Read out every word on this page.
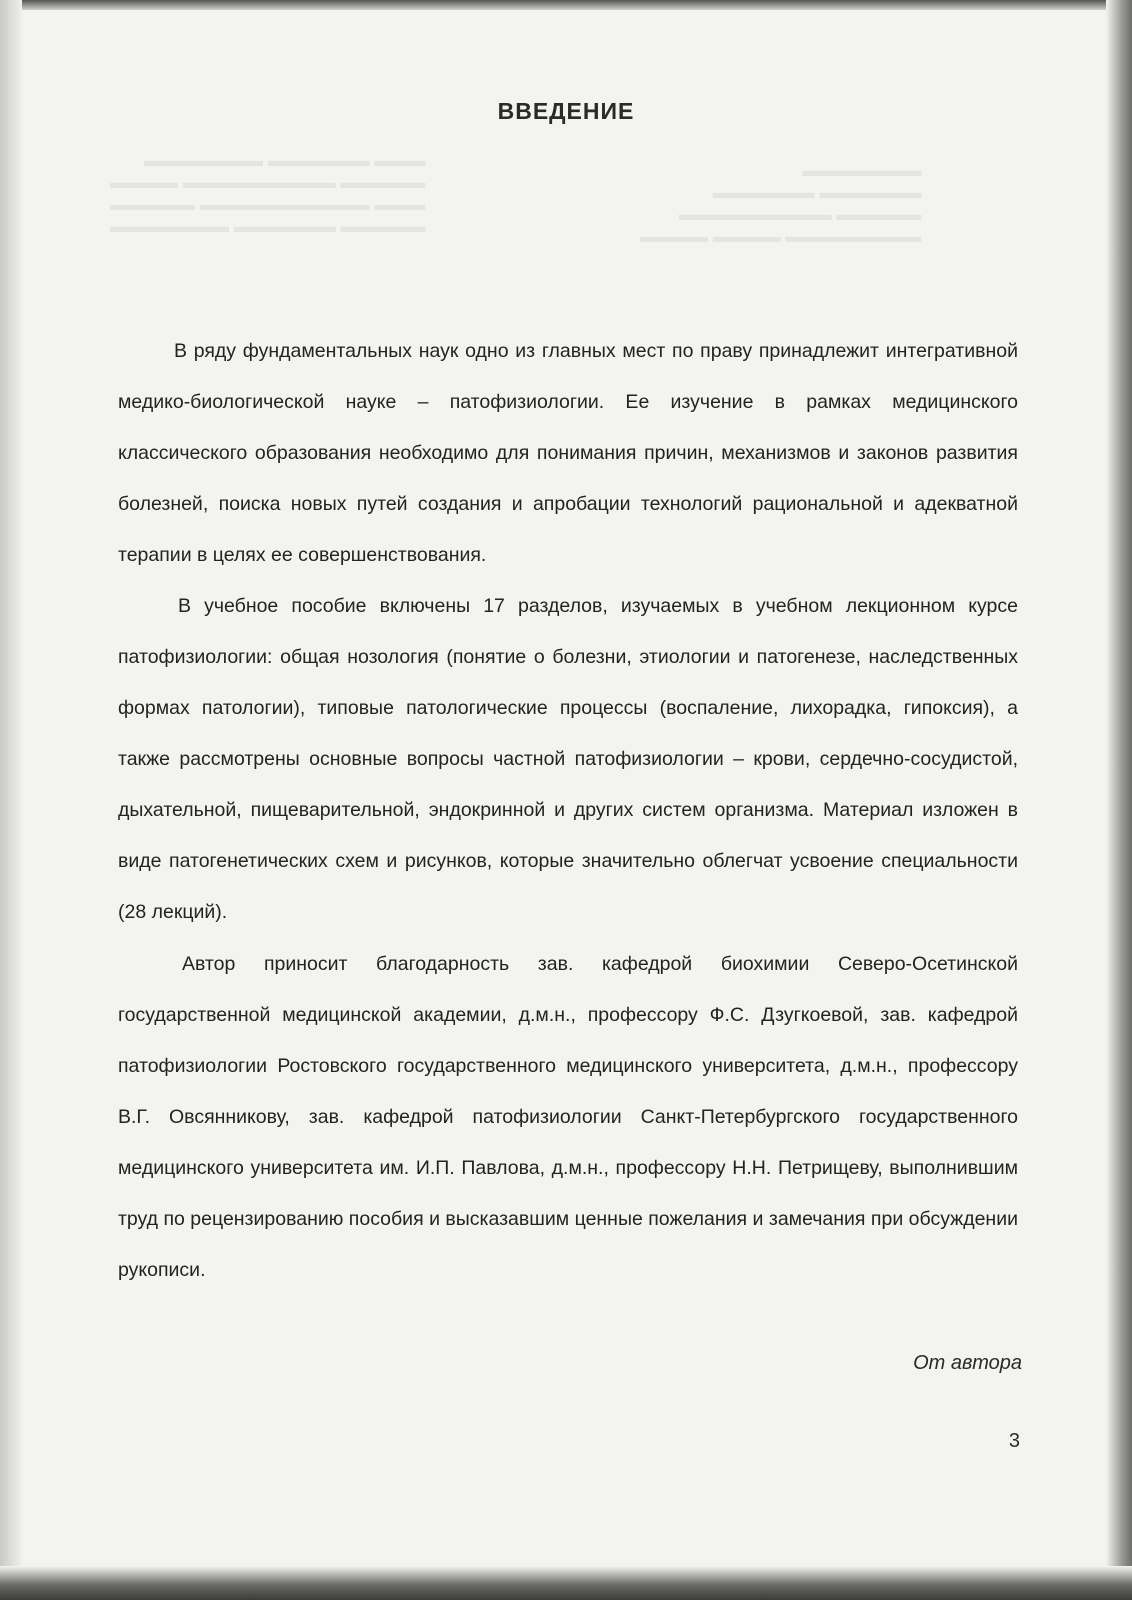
▬▬▬ ▬▬▬▬▬▬ ▬▬▬▬▬▬▬
▬▬▬▬▬ ▬▬▬▬▬▬▬▬▬ ▬▬▬▬
▬▬▬ ▬▬▬▬▬▬▬▬▬▬ ▬▬▬▬▬
▬▬▬▬▬ ▬▬▬▬▬▬ ▬▬▬▬▬▬▬
▬▬▬▬▬▬▬
▬▬▬▬▬▬ ▬▬▬▬▬▬
▬▬▬▬▬ ▬▬▬▬▬▬▬▬▬
▬▬▬▬▬▬▬▬ ▬▬▬▬ ▬▬▬▬
ВВЕДЕНИЕ

В ряду фундаментальных наук одно из главных мест по праву принадлежит интегративной медико-биологической науке – патофизиологии. Ее изучение в рамках медицинского классического образования необходимо для понимания причин, механизмов и законов развития болезней, поиска новых путей создания и апробации технологий рациональной и адекватной терапии в целях ее совершенствования.

В учебное пособие включены 17 разделов, изучаемых в учебном лекционном курсе патофизиологии: общая нозология (понятие о болезни, этиологии и патогенезе, наследственных формах патологии), типовые патологические процессы (воспаление, лихорадка, гипоксия), а также рассмотрены основные вопросы частной патофизиологии – крови, сердечно-сосудистой, дыхательной, пищеварительной, эндокринной и других систем организма. Материал изложен в виде патогенетических схем и рисунков, которые значительно облегчат усвоение специальности (28 лекций).

Автор приносит благодарность зав. кафедрой биохимии Северо-Осетинской государственной медицинской академии, д.м.н., профессору Ф.С. Дзугкоевой, зав. кафедрой патофизиологии Ростовского государственного медицинского университета, д.м.н., профессору В.Г. Овсянникову, зав. кафедрой патофизиологии Санкт-Петербургского государственного медицинского университета им. И.П. Павлова, д.м.н., профессору Н.Н. Петрищеву, выполнившим труд по рецензированию пособия и высказавшим ценные пожелания и замечания при обсуждении рукописи.

От автора
3
